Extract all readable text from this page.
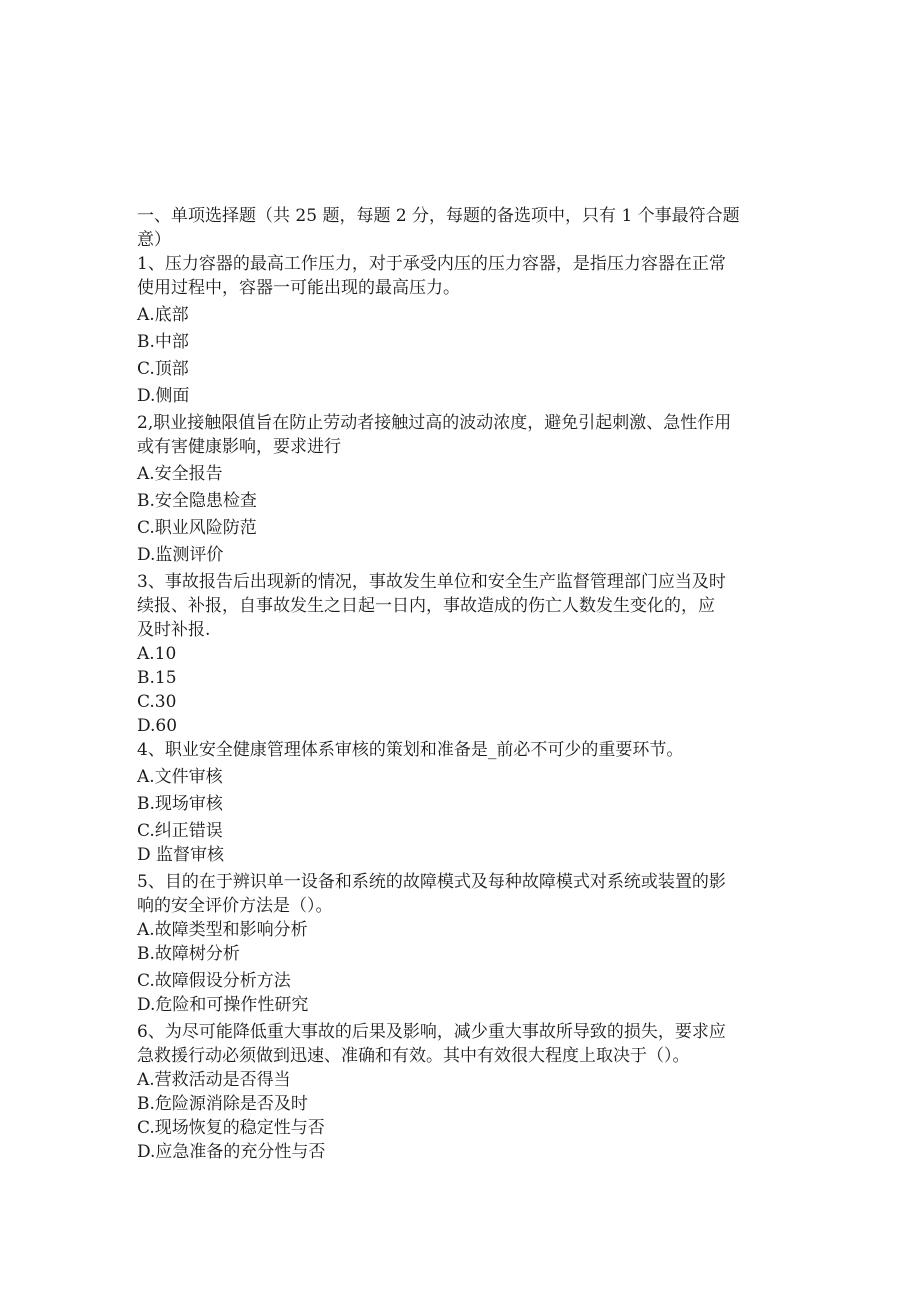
一、单项选择题（共 25 题，每题 2 分，每题的备选项中，只有 1 个事最符合题

意）

1、压力容器的最高工作压力，对于承受内压的压力容器，是指压力容器在正常

使用过程中，容器一可能出现的最高压力。

A.底部

B.中部

C.顶部

D.侧面

2,职业接触限值旨在防止劳动者接触过高的波动浓度，避免引起刺激、急性作用

或有害健康影响，要求进行

A.安全报告

B.安全隐患检查

C.职业风险防范

D.监测评价

3、事故报告后出现新的情况，事故发生单位和安全生产监督管理部门应当及时

续报、补报，自事故发生之日起一日内，事故造成的伤亡人数发生变化的，应

及时补报.

A.10

B.15

C.30

D.60

4、职业安全健康管理体系审核的策划和准备是_前必不可少的重要环节。

A.文件审核

B.现场审核

C.纠正错误

D 监督审核

5、目的在于辨识单一设备和系统的故障模式及每种故障模式对系统或装置的影

响的安全评价方法是（）。

A.故障类型和影响分析

B.故障树分析

C.故障假设分析方法

D.危险和可操作性研究

6、为尽可能降低重大事故的后果及影响，减少重大事故所导致的损失，要求应

急救援行动必须做到迅速、准确和有效。其中有效很大程度上取决于（）。

A.营救活动是否得当

B.危险源消除是否及时

C.现场恢复的稳定性与否

D.应急准备的充分性与否
